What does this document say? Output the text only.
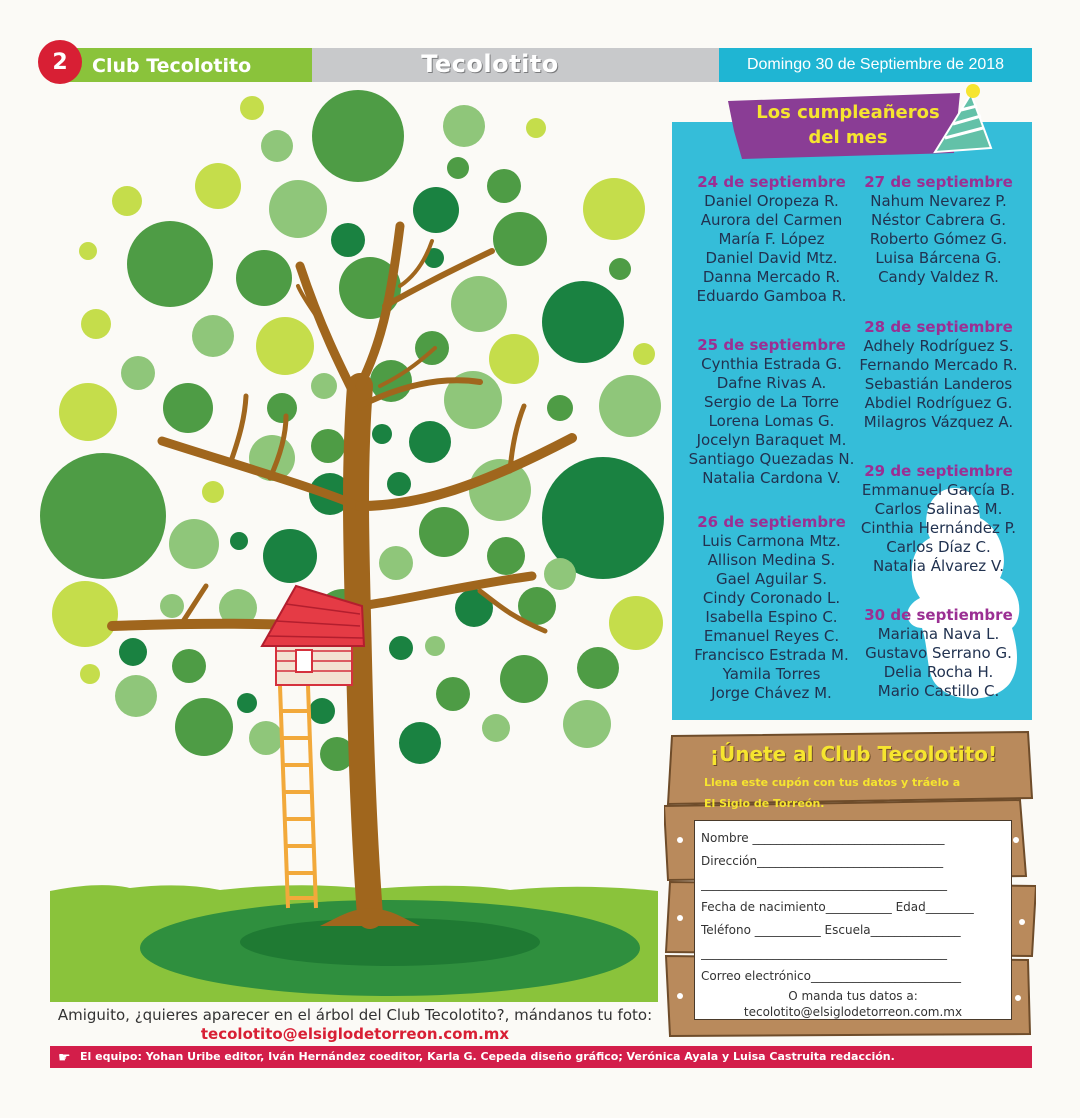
2	Club Tecolotito	Tecolotito	Domingo 30 de Septiembre de 2018
Amiguito, ¿quieres aparecer en el árbol del Club Tecolotito?, mándanos tu foto:
tecolotito@elsiglodetorreon.com.mx
Los cumpleañeros
del mes
24 de septiembre
Daniel Oropeza R.
Aurora del Carmen
María F. López
Daniel David Mtz.
Danna Mercado R.
Eduardo Gamboa R.
25 de septiembre
Cynthia Estrada G.
Dafne Rivas A.
Sergio de La Torre
Lorena Lomas G.
Jocelyn Baraquet M.
Santiago Quezadas N.
Natalia Cardona V.
26 de septiembre
Luis Carmona Mtz.
Allison Medina S.
Gael Aguilar S.
Cindy Coronado L.
Isabella Espino C.
Emanuel Reyes C.
Francisco Estrada M.
Yamila Torres
Jorge Chávez M.
27 de septiembre
Nahum Nevarez P.
Néstor Cabrera G.
Roberto Gómez G.
Luisa Bárcena G.
Candy Valdez R.
28 de septiembre
Adhely Rodríguez S.
Fernando Mercado R.
Sebastián Landeros
Abdiel Rodríguez G.
Milagros Vázquez A.
29 de septiembre
Emmanuel García B.
Carlos Salinas M.
Cinthia Hernández P.
Carlos Díaz C.
Natalia Álvarez V.
30 de septiembre
Mariana Nava L.
Gustavo Serrano G.
Delia Rocha H.
Mario Castillo C.
¡Únete al Club Tecolotito!
Llena este cupón con tus datos y tráelo a
El Siglo de Torreón.
Nombre ________________________________
Dirección_______________________________
_________________________________________
Fecha de nacimiento___________ Edad________
Teléfono ___________ Escuela_______________
_________________________________________
Correo electrónico_________________________
O manda tus datos a:
tecolotito@elsiglodetorreon.com.mx
El equipo: Yohan Uribe editor, Iván Hernández coeditor, Karla G. Cepeda diseño gráfico; Verónica Ayala y Luisa Castruita redacción.
☛
